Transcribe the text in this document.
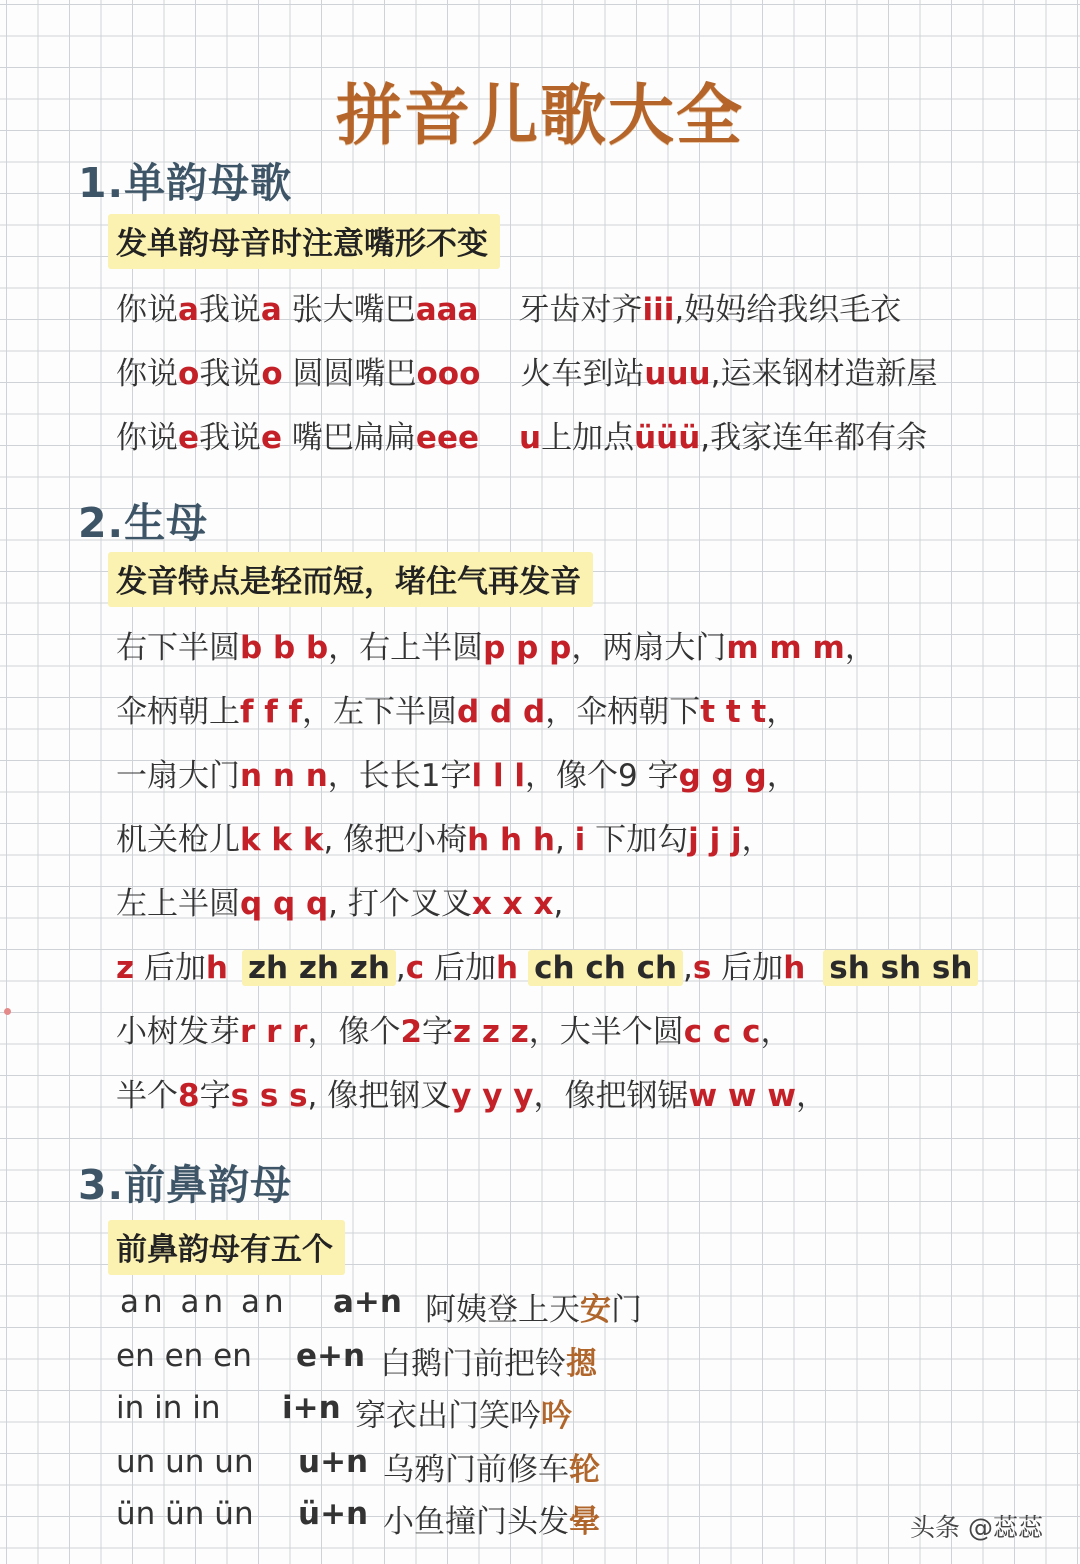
拼音儿歌大全
1.单韵母歌
发单韵母音时注意嘴形不变
你说a我说a 张大嘴巴aaa 牙齿对齐iii,妈妈给我织毛衣
你说o我说o 圆圆嘴巴ooo 火车到站uuu,运来钢材造新屋
你说e我说e 嘴巴扁扁eee u上加点üüü,我家连年都有余
2.生母
发音特点是轻而短，堵住气再发音
右下半圆b b b，右上半圆p p p，两扇大门m m m，
伞柄朝上f f f，左下半圆d d d，伞柄朝下t t t，
一扇大门n n n，长长1字l l l，像个9 字g g g，
机关枪儿k k k, 像把小椅h h h, i 下加勾j j j，
左上半圆q q q, 打个叉叉x x x,
z 后加h zh zh zh ,c 后加h ch ch ch ,s 后加h sh sh sh
小树发芽r r r，像个2字z z z，大半个圆c c c，
半个8字s s s, 像把钢叉y y y，像把钢锯w w w，
3.前鼻韵母
前鼻韵母有五个
an an an a+n 阿姨登上天安门
en en en e+n 白鹅门前把铃摁
in in in i+n 穿衣出门笑吟吟
un un un u+n 乌鸦门前修车轮
ün ün ün ü+n 小鱼撞门头发晕	头条 @蕊蕊
